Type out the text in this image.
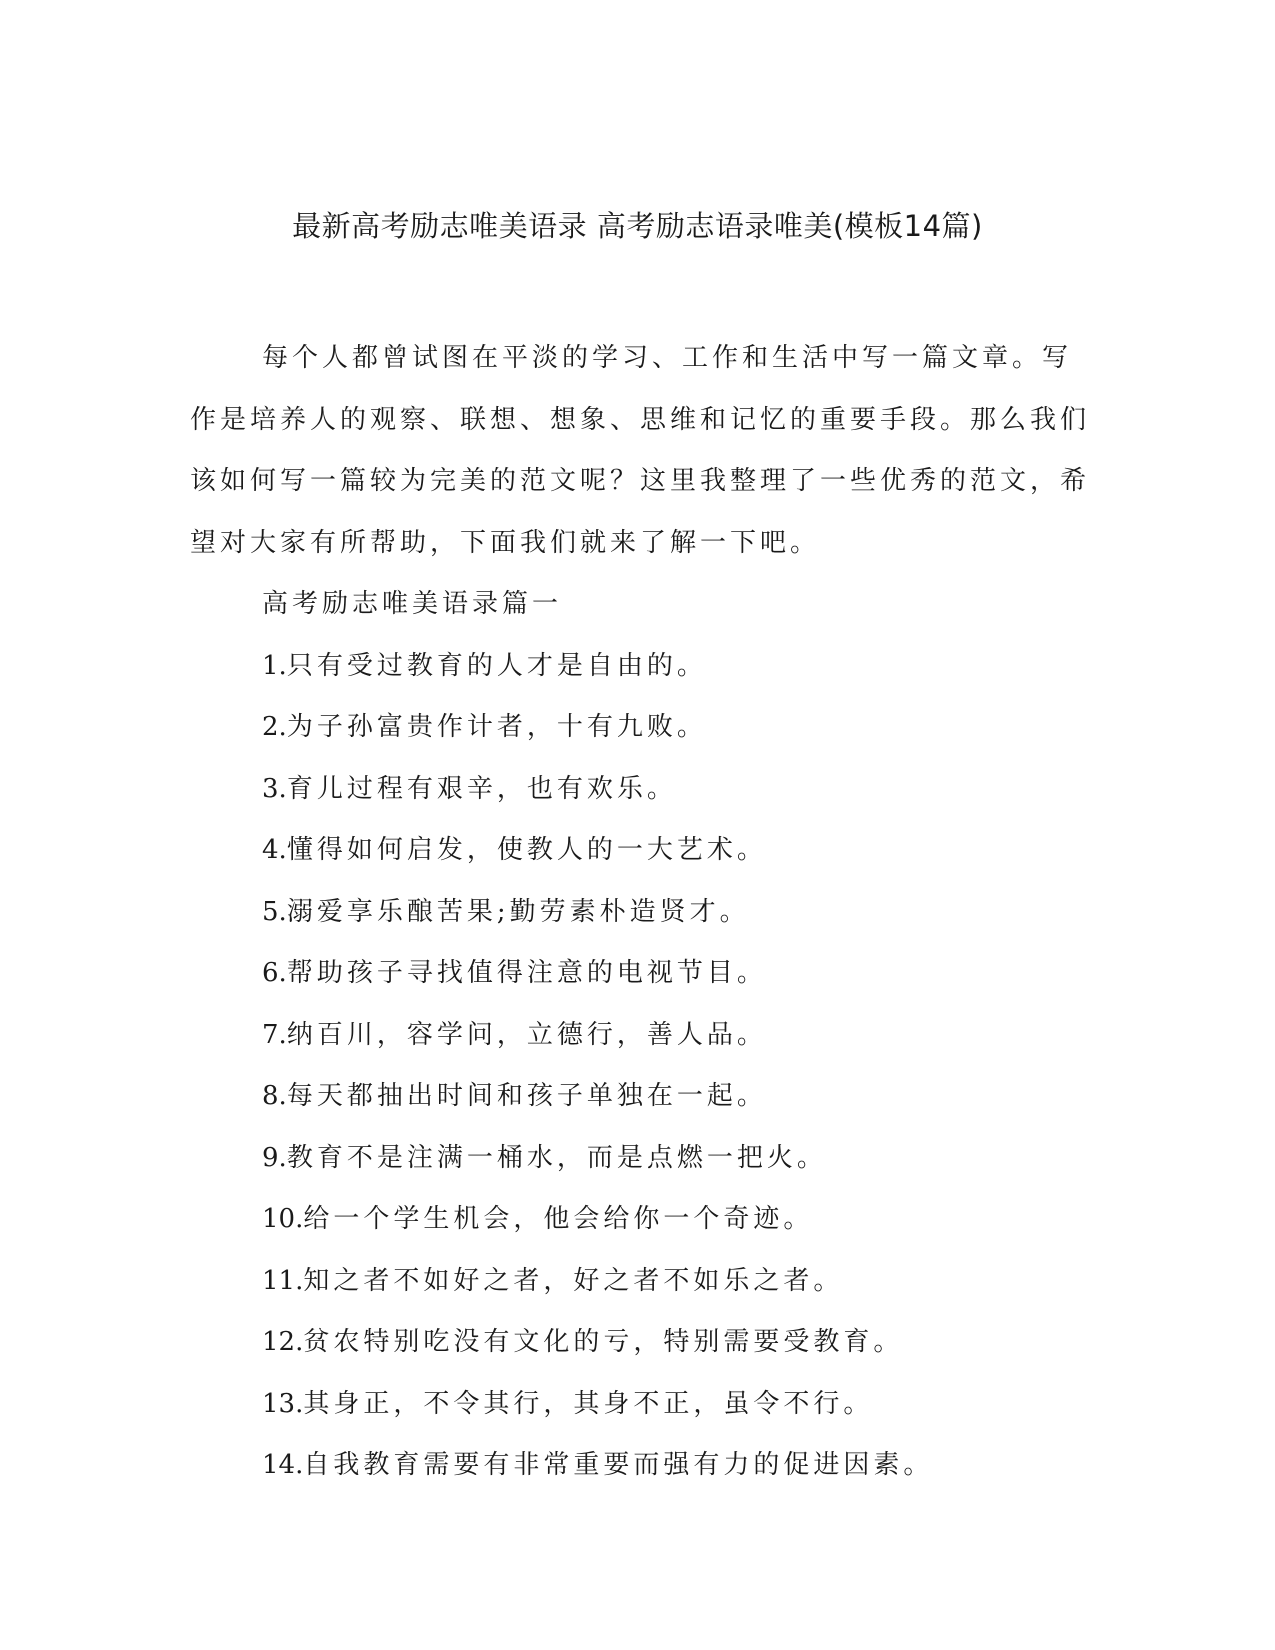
最新高考励志唯美语录 高考励志语录唯美(模板14篇)

每个人都曾试图在平淡的学习、工作和生活中写一篇文章。写作是培养人的观察、联想、想象、思维和记忆的重要手段。那么我们该如何写一篇较为完美的范文呢？这里我整理了一些优秀的范文，希望对大家有所帮助，下面我们就来了解一下吧。

高考励志唯美语录篇一

1.只有受过教育的人才是自由的。
2.为子孙富贵作计者，十有九败。
3.育儿过程有艰辛，也有欢乐。
4.懂得如何启发，使教人的一大艺术。
5.溺爱享乐酿苦果;勤劳素朴造贤才。
6.帮助孩子寻找值得注意的电视节目。
7.纳百川，容学问，立德行，善人品。
8.每天都抽出时间和孩子单独在一起。
9.教育不是注满一桶水，而是点燃一把火。
10.给一个学生机会，他会给你一个奇迹。
11.知之者不如好之者，好之者不如乐之者。
12.贫农特别吃没有文化的亏，特别需要受教育。
13.其身正，不令其行，其身不正，虽令不行。
14.自我教育需要有非常重要而强有力的促进因素。
